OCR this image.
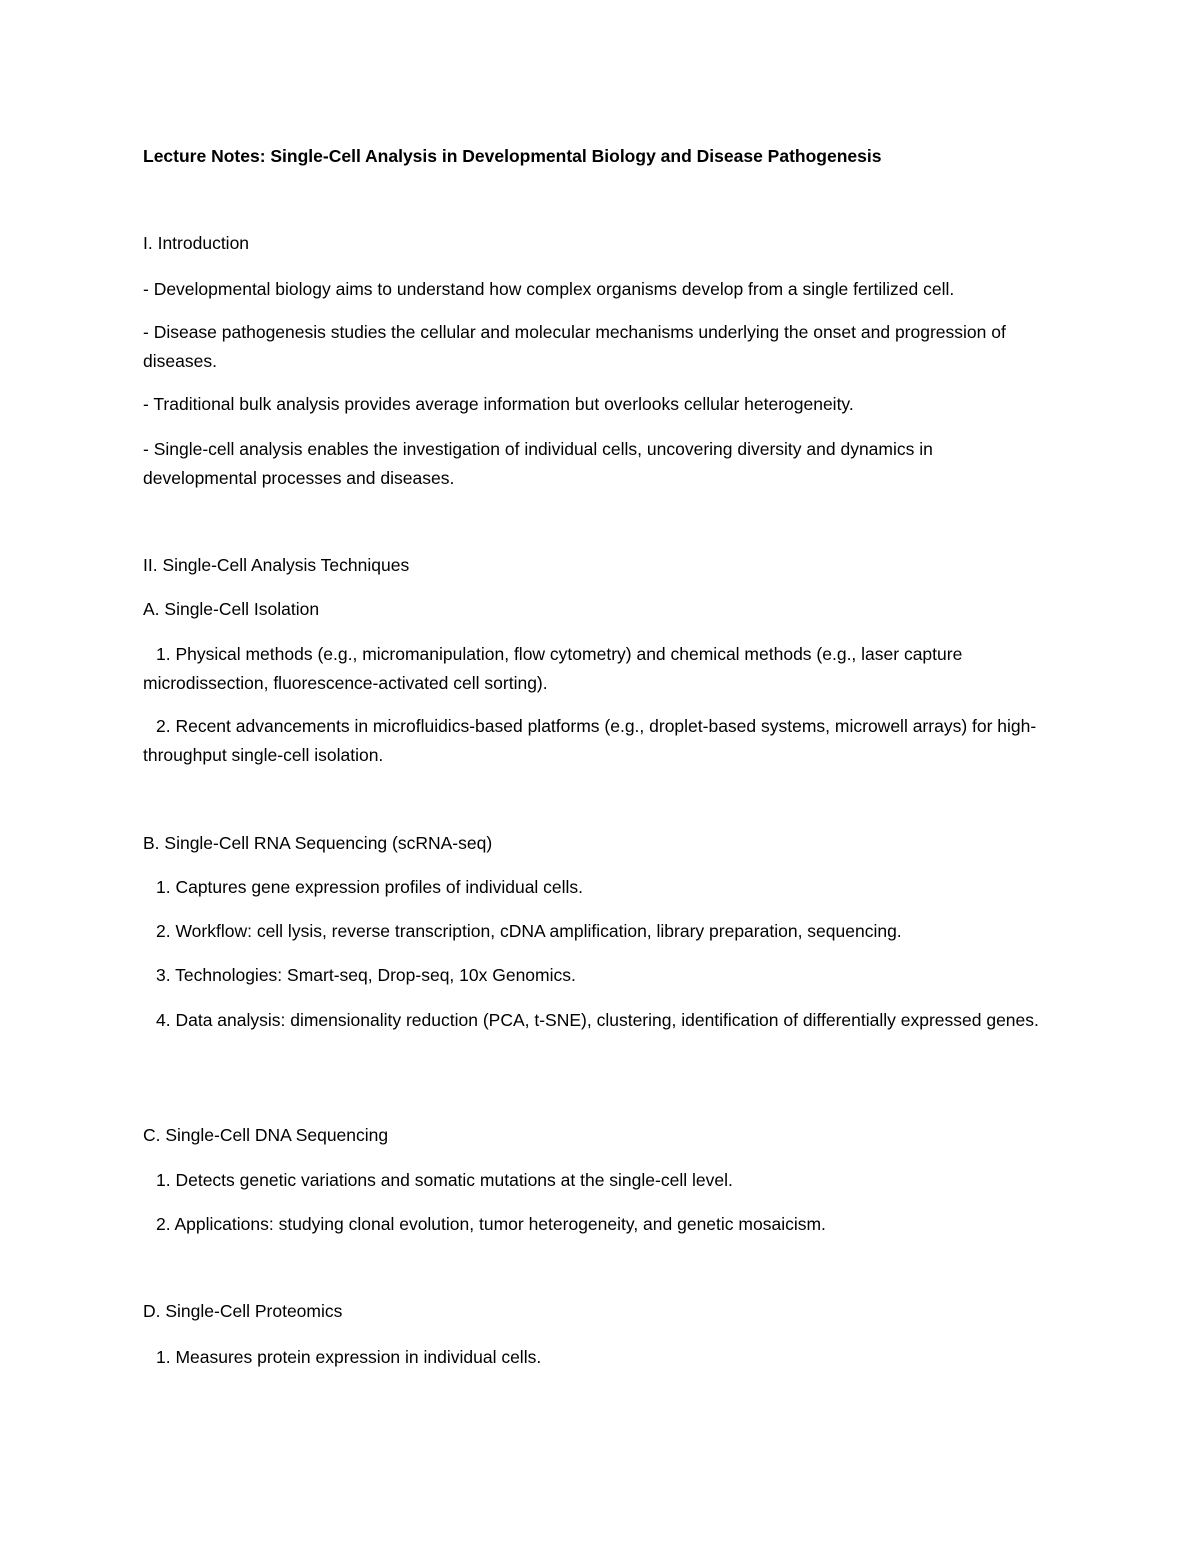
Lecture Notes: Single-Cell Analysis in Developmental Biology and Disease Pathogenesis

I. Introduction

- Developmental biology aims to understand how complex organisms develop from a single fertilized cell.

- Disease pathogenesis studies the cellular and molecular mechanisms underlying the onset and progression of diseases.

- Traditional bulk analysis provides average information but overlooks cellular heterogeneity.

- Single-cell analysis enables the investigation of individual cells, uncovering diversity and dynamics in developmental processes and diseases.

II. Single-Cell Analysis Techniques

A. Single-Cell Isolation

1. Physical methods (e.g., micromanipulation, flow cytometry) and chemical methods (e.g., laser capture microdissection, fluorescence-activated cell sorting).

2. Recent advancements in microfluidics-based platforms (e.g., droplet-based systems, microwell arrays) for high-throughput single-cell isolation.

B. Single-Cell RNA Sequencing (scRNA-seq)

1. Captures gene expression profiles of individual cells.

2. Workflow: cell lysis, reverse transcription, cDNA amplification, library preparation, sequencing.

3. Technologies: Smart-seq, Drop-seq, 10x Genomics.

4. Data analysis: dimensionality reduction (PCA, t-SNE), clustering, identification of differentially expressed genes.

C. Single-Cell DNA Sequencing

1. Detects genetic variations and somatic mutations at the single-cell level.

2. Applications: studying clonal evolution, tumor heterogeneity, and genetic mosaicism.

D. Single-Cell Proteomics

1. Measures protein expression in individual cells.
